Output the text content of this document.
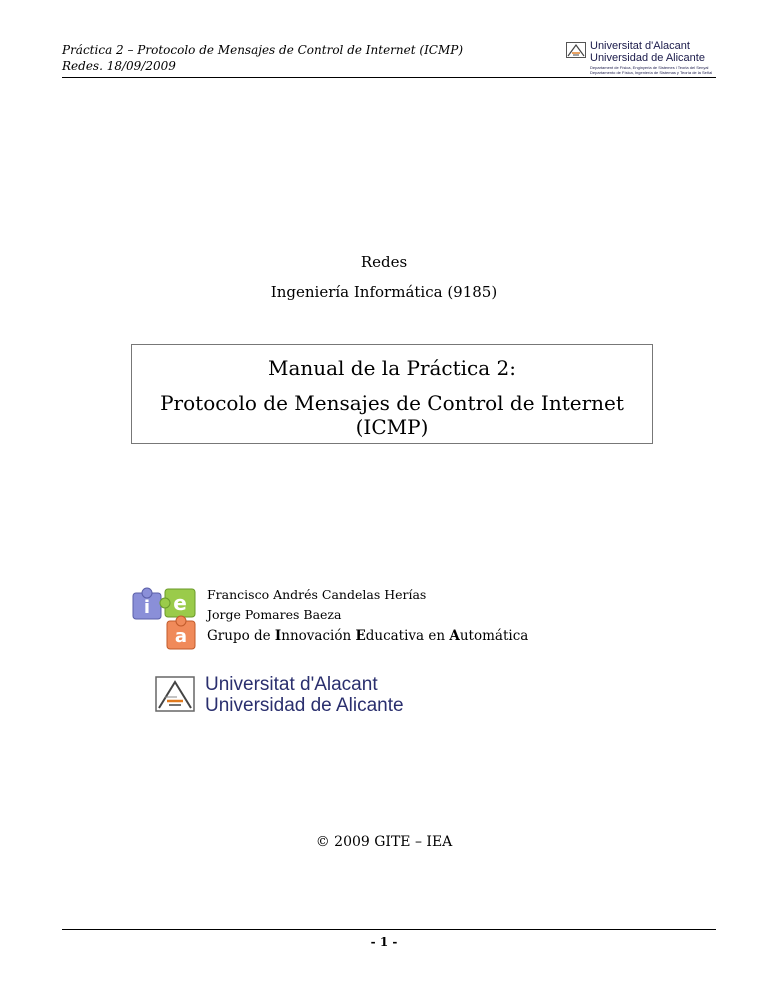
Práctica 2 – Protocolo de Mensajes de Control de Internet (ICMP)
Redes. 18/09/2009
Universitat d'Alacant
Universidad de Alicante
Departament de Física, Enginyeria de Sistemes i Teoria del Senyal
Departamento de Física, Ingeniería de Sistemas y Teoría de la Señal
Redes
Ingeniería Informática (9185)
Manual de la Práctica 2:
Protocolo de Mensajes de Control de Internet (ICMP)
i e
a
Francisco Andrés Candelas Herías
Jorge Pomares Baeza
Grupo de Innovación Educativa en Automática
Universitat d'Alacant
Universidad de Alicante
© 2009 GITE – IEA
- 1 -
